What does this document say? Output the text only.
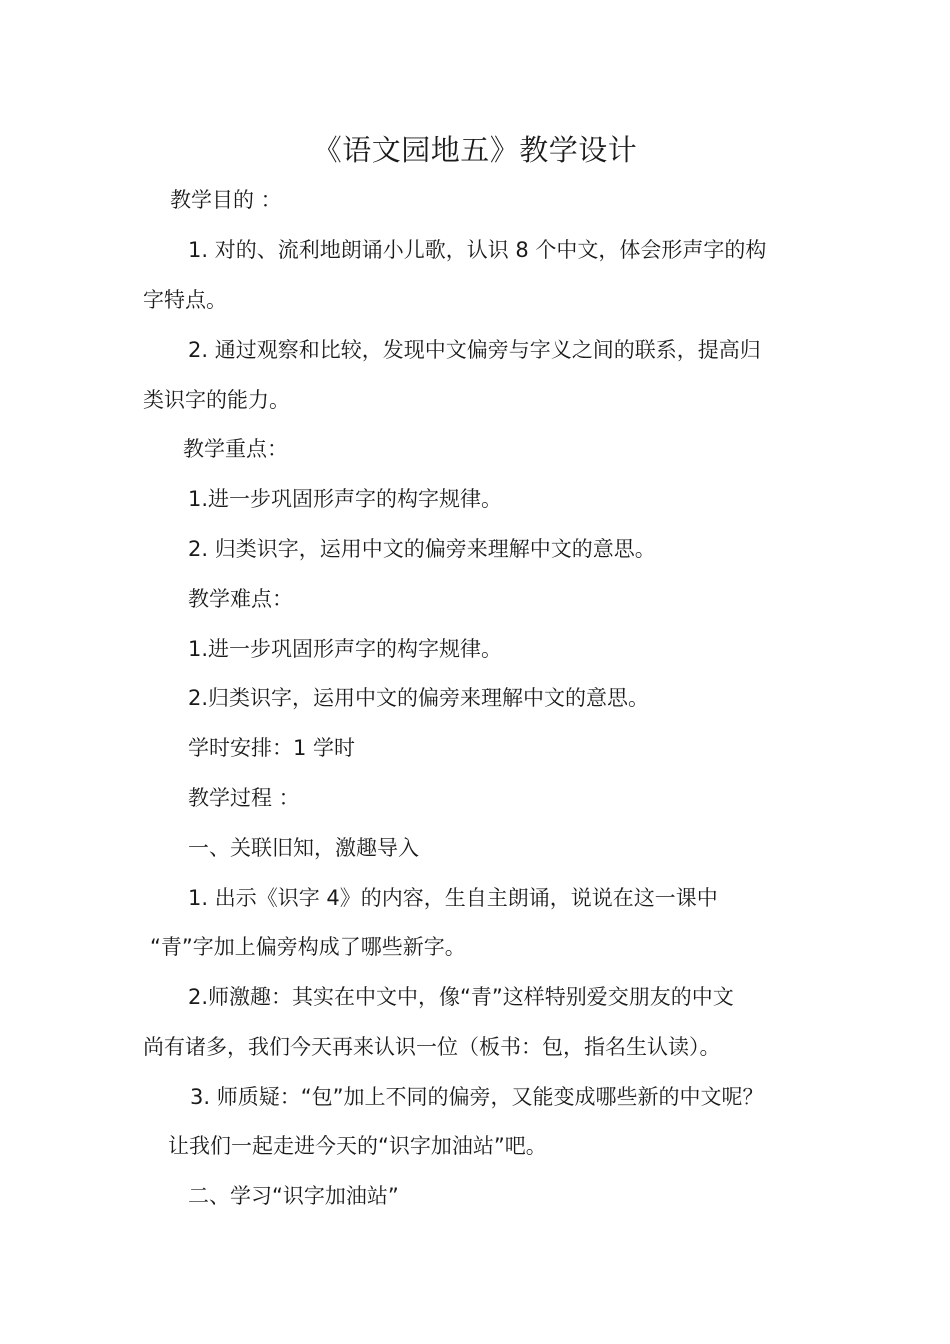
《语文园地五》教学设计

教学目的 ：

1. 对的、流利地朗诵小儿歌，认识 8 个中文，体会形声字的构

字特点。

2. 通过观察和比较，发现中文偏旁与字义之间的联系，提高归

类识字的能力。

教学重点：

1.进一步巩固形声字的构字规律。

2. 归类识字，运用中文的偏旁来理解中文的意思。

教学难点：

1.进一步巩固形声字的构字规律。

2.归类识字，运用中文的偏旁来理解中文的意思。

学时安排：1 学时

教学过程 ：

一、关联旧知，激趣导入

1. 出示《识字 4》的内容，生自主朗诵，说说在这一课中

“青”字加上偏旁构成了哪些新字。

2.师激趣：其实在中文中，像“青”这样特别爱交朋友的中文

尚有诸多，我们今天再来认识一位（板书：包，指名生认读）。

3. 师质疑：“包”加上不同的偏旁，又能变成哪些新的中文呢？

让我们一起走进今天的“识字加油站”吧。

二、学习“识字加油站”
